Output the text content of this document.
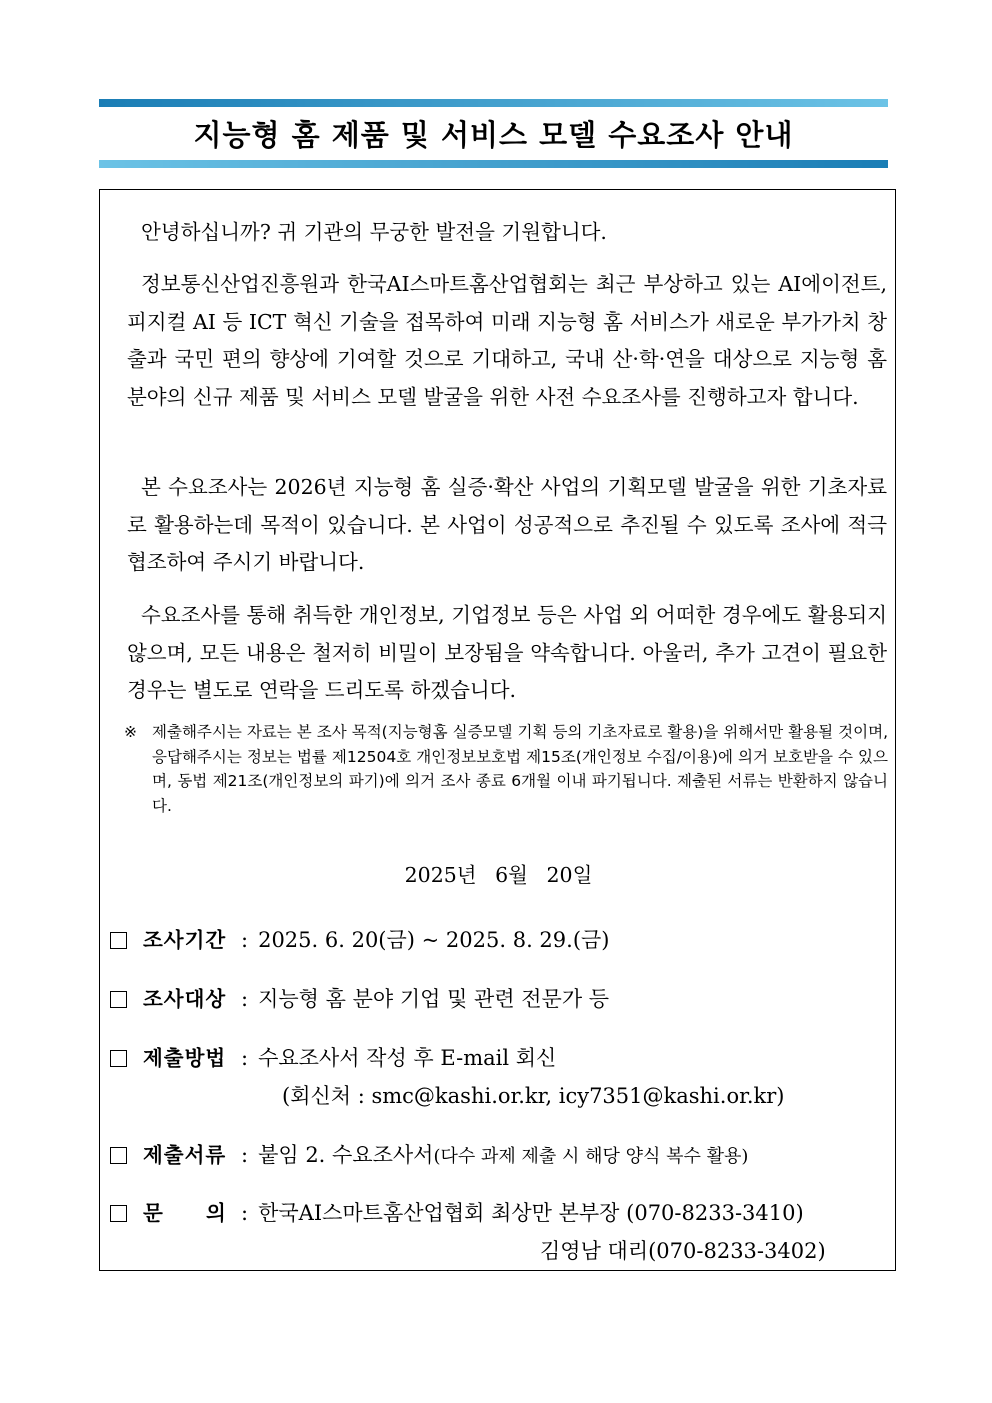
지능형 홈 제품 및 서비스 모델 수요조사 안내

안녕하십니까? 귀 기관의 무궁한 발전을 기원합니다.

정보통신산업진흥원과 한국AI스마트홈산업협회는 최근 부상하고 있는 AI에이전트, 피지컬 AI 등 ICT 혁신 기술을 접목하여 미래 지능형 홈 서비스가 새로운 부가가치 창출과 국민 편의 향상에 기여할 것으로 기대하고, 국내 산·학·연을 대상으로 지능형 홈 분야의 신규 제품 및 서비스 모델 발굴을 위한 사전 수요조사를 진행하고자 합니다.

본 수요조사는 2026년 지능형 홈 실증·확산 사업의 기획모델 발굴을 위한 기초자료로 활용하는데 목적이 있습니다. 본 사업이 성공적으로 추진될 수 있도록 조사에 적극 협조하여 주시기 바랍니다.

수요조사를 통해 취득한 개인정보, 기업정보 등은 사업 외 어떠한 경우에도 활용되지 않으며, 모든 내용은 철저히 비밀이 보장됨을 약속합니다. 아울러, 추가 고견이 필요한 경우는 별도로 연락을 드리도록 하겠습니다.

※ 제출해주시는 자료는 본 조사 목적(지능형홈 실증모델 기획 등의 기초자료로 활용)을 위해서만 활용될 것이며, 응답해주시는 정보는 법률 제12504호 개인정보보호법 제15조(개인정보 수집/이용)에 의거 보호받을 수 있으며, 동법 제21조(개인정보의 파기)에 의거 조사 종료 6개월 이내 파기됩니다. 제출된 서류는 반환하지 않습니다.
2025년 6월 20일
조사기간 : 2025. 6. 20(금) ~ 2025. 8. 29.(금)
조사대상 : 지능형 홈 분야 기업 및 관련 전문가 등
제출방법 : 수요조사서 작성 후 E-mail 회신
(회신처 : smc@kashi.or.kr, icy7351@kashi.or.kr)
제출서류 : 붙임 2. 수요조사서(다수 과제 제출 시 해당 양식 복수 활용)
문 의 : 한국AI스마트홈산업협회 최상만 본부장 (070-8233-3410)
김영남 대리(070-8233-3402)
